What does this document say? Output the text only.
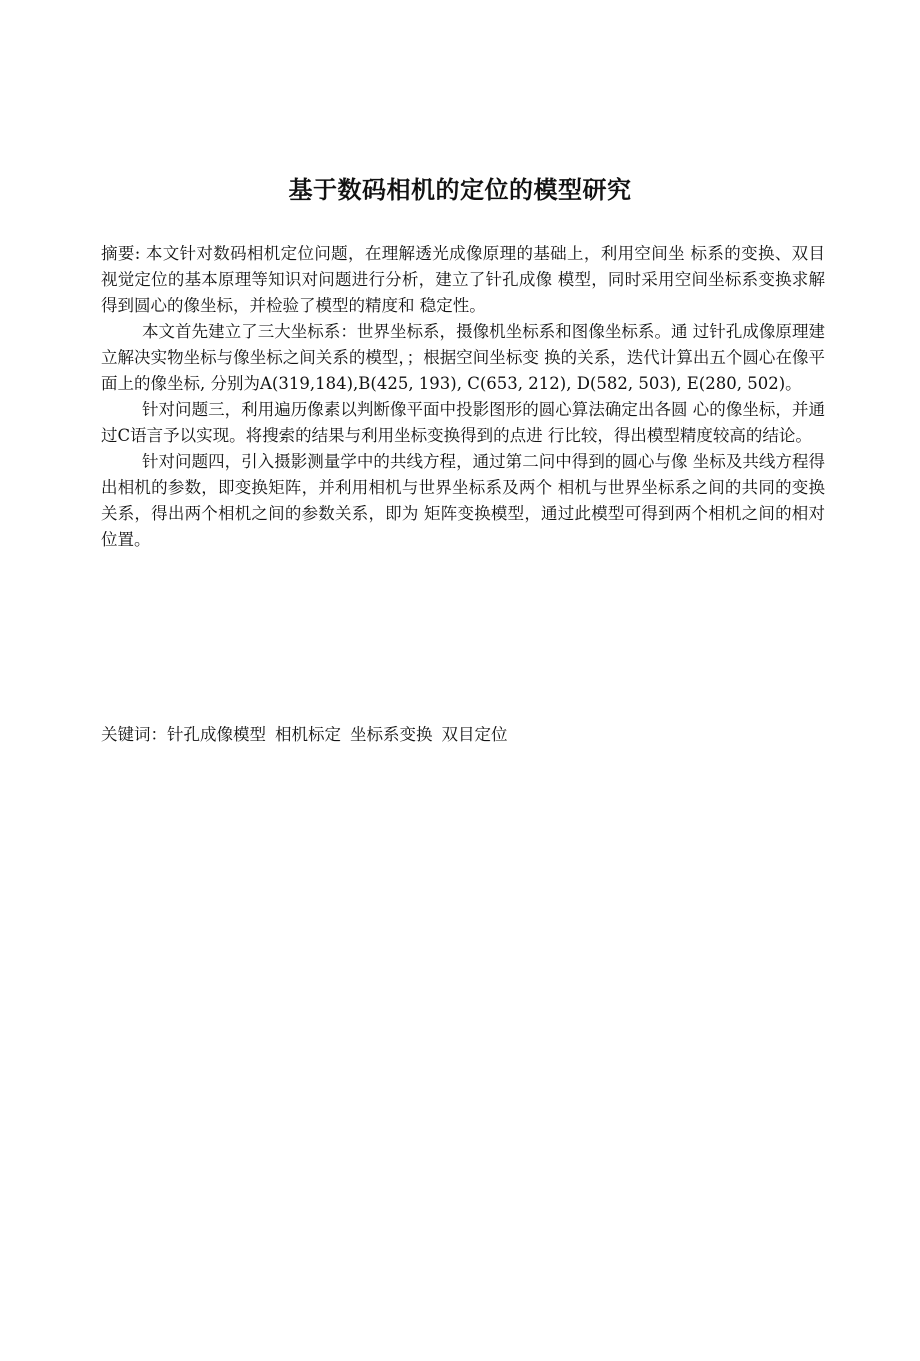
基于数码相机的定位的模型研究

摘要: 本文针对数码相机定位问题，在理解透光成像原理的基础上，利用空间坐 标系的变换、双目视觉定位的基本原理等知识对问题进行分析，建立了针孔成像 模型，同时采用空间坐标系变换求解得到圆心的像坐标，并检验了模型的精度和 稳定性。

本文首先建立了三大坐标系：世界坐标系，摄像机坐标系和图像坐标系。通 过针孔成像原理建立解决实物坐标与像坐标之间关系的模型，；根据空间坐标变 换的关系，迭代计算出五个圆心在像平面上的像坐标, 分别为A(319,184),B(425, 193), C(653, 212), D(582, 503), E(280, 502)。

针对问题三，利用遍历像素以判断像平面中投影图形的圆心算法确定出各圆 心的像坐标，并通过C语言予以实现。将搜索的结果与利用坐标变换得到的点进 行比较，得出模型精度较高的结论。

针对问题四，引入摄影测量学中的共线方程，通过第二问中得到的圆心与像 坐标及共线方程得出相机的参数，即变换矩阵，并利用相机与世界坐标系及两个 相机与世界坐标系之间的共同的变换关系，得出两个相机之间的参数关系，即为 矩阵变换模型，通过此模型可得到两个相机之间的相对位置。

关键词：针孔成像模型 相机标定 坐标系变换 双目定位
